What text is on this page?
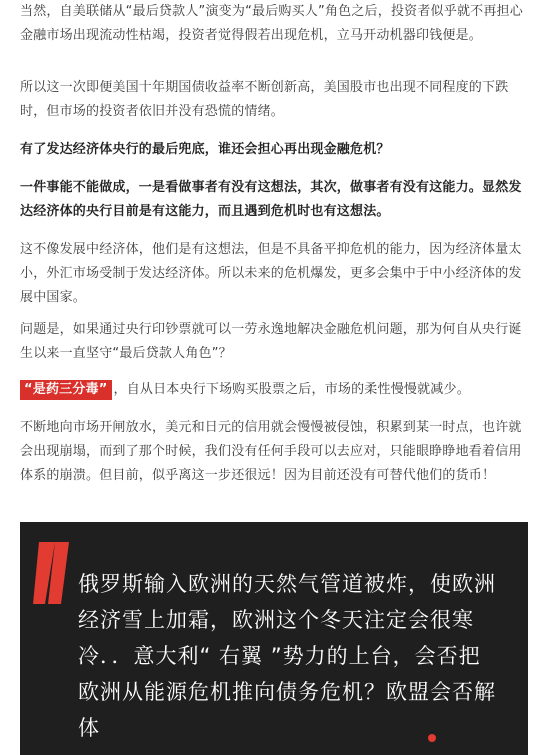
当然，自美联储从“最后贷款人”演变为“最后购买人”角色之后，投资者似乎就不再担心金融市场出现流动性枯竭，投资者觉得假若出现危机，立马开动机器印钱便是。

所以这一次即便美国十年期国债收益率不断创新高，美国股市也出现不同程度的下跌时，但市场的投资者依旧并没有恐慌的情绪。

有了发达经济体央行的最后兜底，谁还会担心再出现金融危机？

一件事能不能做成，一是看做事者有没有这想法，其次，做事者有没有这能力。显然发达经济体的央行目前是有这能力，而且遇到危机时也有这想法。

这不像发展中经济体，他们是有这想法，但是不具备平抑危机的能力，因为经济体量太小，外汇市场受制于发达经济体。所以未来的危机爆发，更多会集中于中小经济体的发展中国家。

问题是，如果通过央行印钞票就可以一劳永逸地解决金融危机问题，那为何自从央行诞生以来一直坚守“最后贷款人角色”？

“是药三分毒” ，自从日本央行下场购买股票之后，市场的柔性慢慢就减少。

不断地向市场开闸放水，美元和日元的信用就会慢慢被侵蚀，积累到某一时点，也许就会出现崩塌，而到了那个时候，我们没有任何手段可以去应对，只能眼睁睁地看着信用体系的崩溃。但目前，似乎离这一步还很远！因为目前还没有可替代他们的货币！

俄罗斯输入欧洲的天然气管道被炸，使欧洲经济雪上加霜，欧洲这个冬天注定会很寒冷．．意大利“ 右翼 ”势力的上台，会否把欧洲从能源危机推向债务危机？欧盟会否解体
